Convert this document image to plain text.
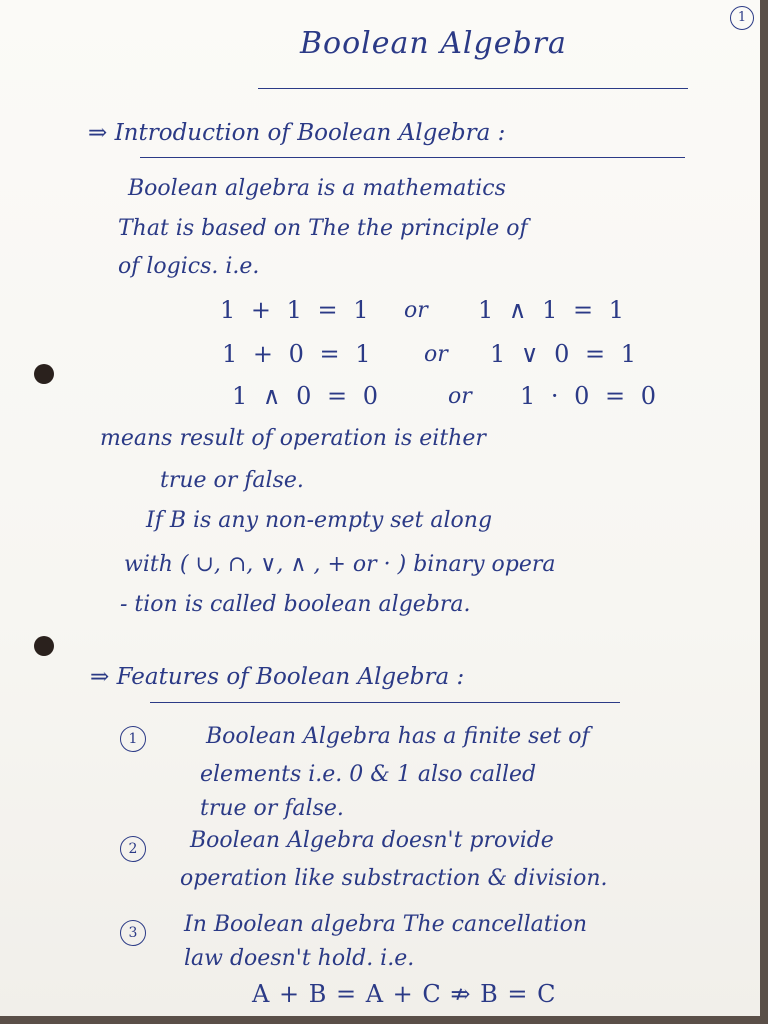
1
Boolean Algebra
⇒ Introduction of Boolean Algebra :
Boolean algebra is a mathematics
That is based on The the principle of
of logics. i.e.
1 + 1 = 1 or 1 ∧ 1 = 1
1 + 0 = 1 or 1 ∨ 0 = 1
1 ∧ 0 = 0	or 1 · 0 = 0
means result of operation is either
true or false.
If B is any non-empty set along
with ( ∪, ∩, ∨, ∧ , + or · ) binary opera
- tion is called boolean algebra.
⇒ Features of Boolean Algebra :
1	Boolean Algebra has a finite set of
elements i.e. 0 & 1 also called
true or false.
2	Boolean Algebra doesn't provide
operation like substraction & division.
3	In Boolean algebra The cancellation
law doesn't hold. i.e.
A + B = A + C ⇏ B = C
